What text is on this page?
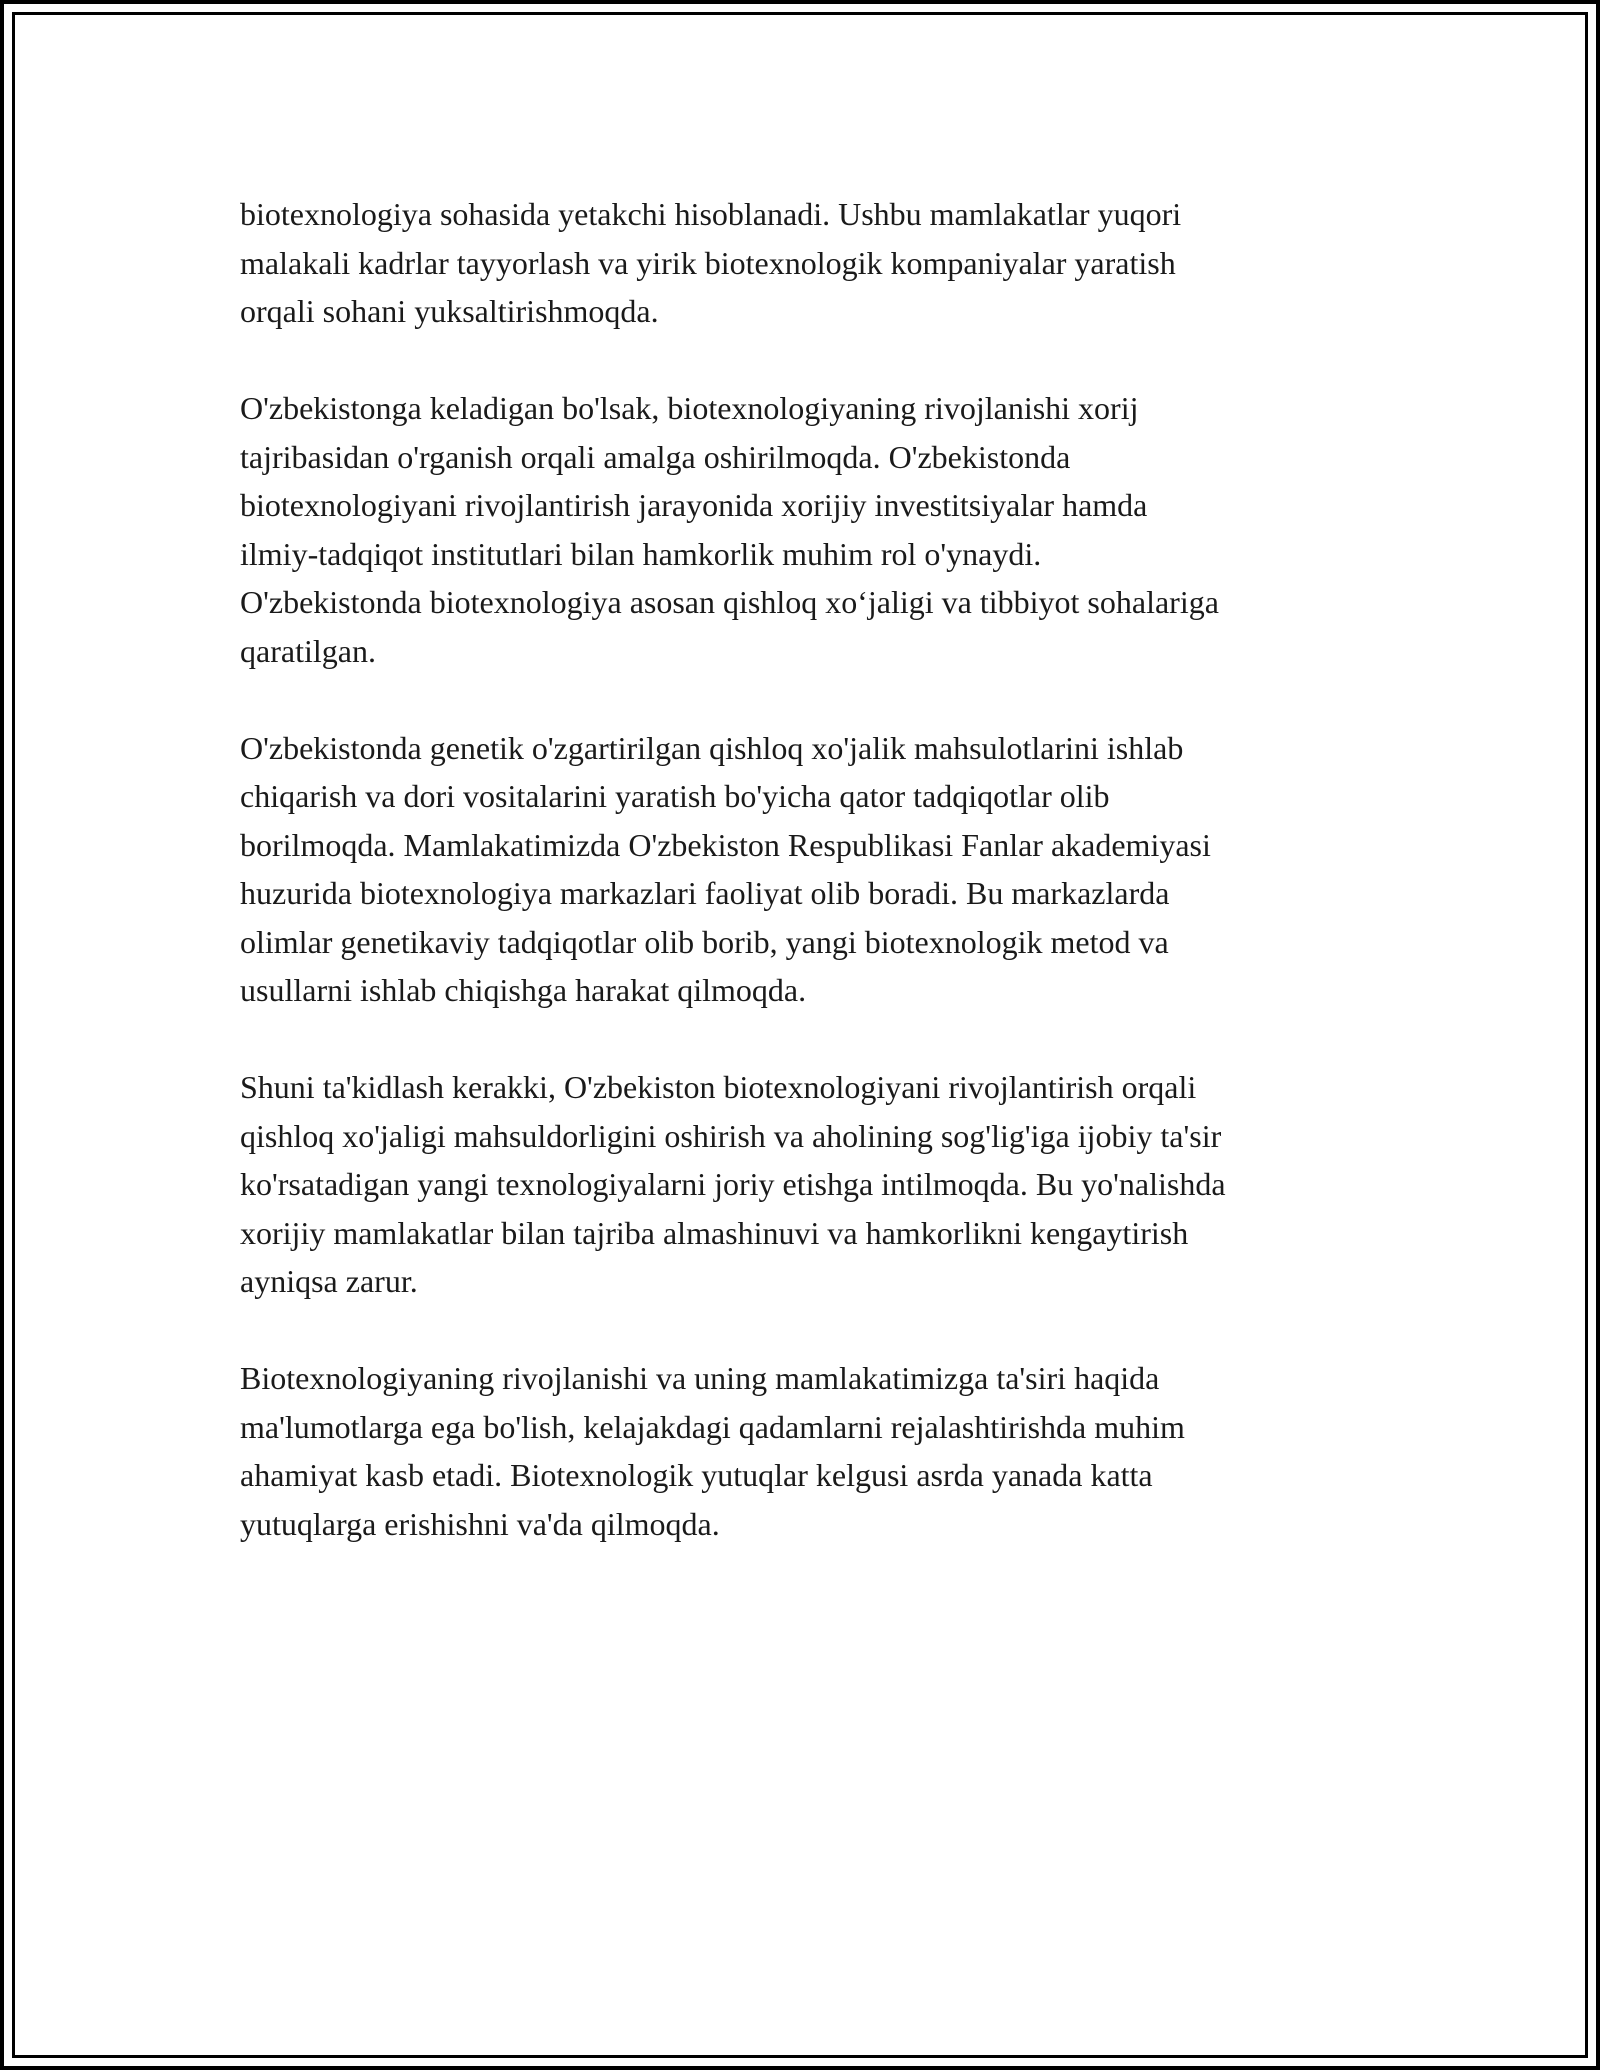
biotexnologiya sohasida yetakchi hisoblanadi. Ushbu mamlakatlar yuqori
malakali kadrlar tayyorlash va yirik biotexnologik kompaniyalar yaratish
orqali sohani yuksaltirishmoqda.

O'zbekistonga keladigan bo'lsak, biotexnologiyaning rivojlanishi xorij
tajribasidan o'rganish orqali amalga oshirilmoqda. O'zbekistonda
biotexnologiyani rivojlantirish jarayonida xorijiy investitsiyalar hamda
ilmiy-tadqiqot institutlari bilan hamkorlik muhim rol o'ynaydi.
O'zbekistonda biotexnologiya asosan qishloq xo‘jaligi va tibbiyot sohalariga
qaratilgan.

O'zbekistonda genetik o'zgartirilgan qishloq xo'jalik mahsulotlarini ishlab
chiqarish va dori vositalarini yaratish bo'yicha qator tadqiqotlar olib
borilmoqda. Mamlakatimizda O'zbekiston Respublikasi Fanlar akademiyasi
huzurida biotexnologiya markazlari faoliyat olib boradi. Bu markazlarda
olimlar genetikaviy tadqiqotlar olib borib, yangi biotexnologik metod va
usullarni ishlab chiqishga harakat qilmoqda.

Shuni ta'kidlash kerakki, O'zbekiston biotexnologiyani rivojlantirish orqali
qishloq xo'jaligi mahsuldorligini oshirish va aholining sog'lig'iga ijobiy ta'sir
ko'rsatadigan yangi texnologiyalarni joriy etishga intilmoqda. Bu yo'nalishda
xorijiy mamlakatlar bilan tajriba almashinuvi va hamkorlikni kengaytirish
ayniqsa zarur.

Biotexnologiyaning rivojlanishi va uning mamlakatimizga ta'siri haqida
ma'lumotlarga ega bo'lish, kelajakdagi qadamlarni rejalashtirishda muhim
ahamiyat kasb etadi. Biotexnologik yutuqlar kelgusi asrda yanada katta
yutuqlarga erishishni va'da qilmoqda.
